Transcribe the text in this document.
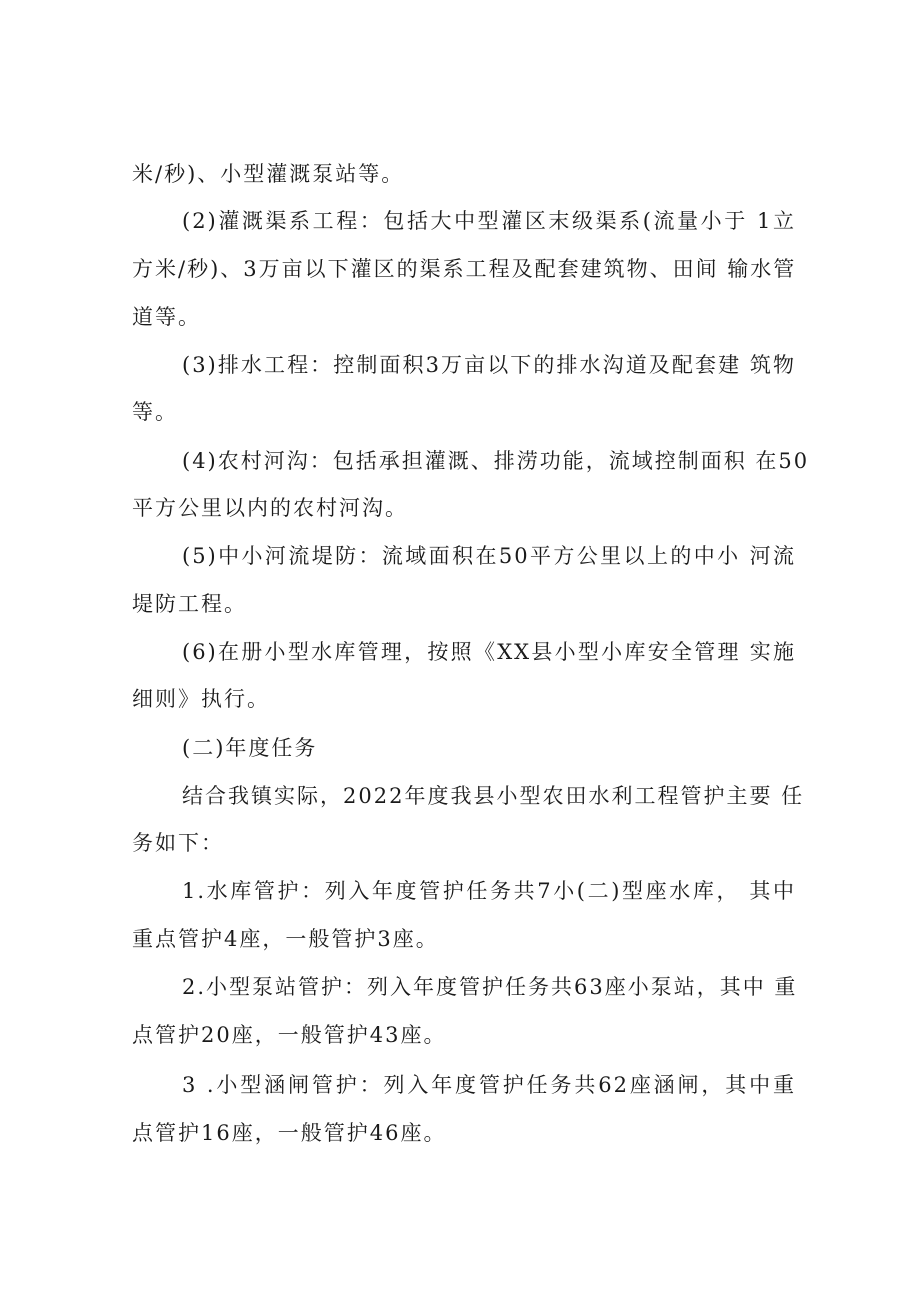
米/秒)、小型灌溉泵站等。
(2)灌溉渠系工程：包括大中型灌区末级渠系(流量小于 1立
方米/秒)、3万亩以下灌区的渠系工程及配套建筑物、田间 输水管
道等。
(3)排水工程：控制面积3万亩以下的排水沟道及配套建 筑物
等。
(4)农村河沟：包括承担灌溉、排涝功能，流域控制面积 在50
平方公里以内的农村河沟。
(5)中小河流堤防：流域面积在50平方公里以上的中小 河流
堤防工程。
(6)在册小型水库管理，按照《XX县小型小库安全管理 实施
细则》执行。
(二)年度任务
结合我镇实际，2022年度我县小型农田水利工程管护主要 任
务如下：
1.水库管护：列入年度管护任务共7小(二)型座水库， 其中
重点管护4座，一般管护3座。
2.小型泵站管护：列入年度管护任务共63座小泵站，其中 重
点管护20座，一般管护43座。
3 .小型涵闸管护：列入年度管护任务共62座涵闸，其中重
点管护16座，一般管护46座。
